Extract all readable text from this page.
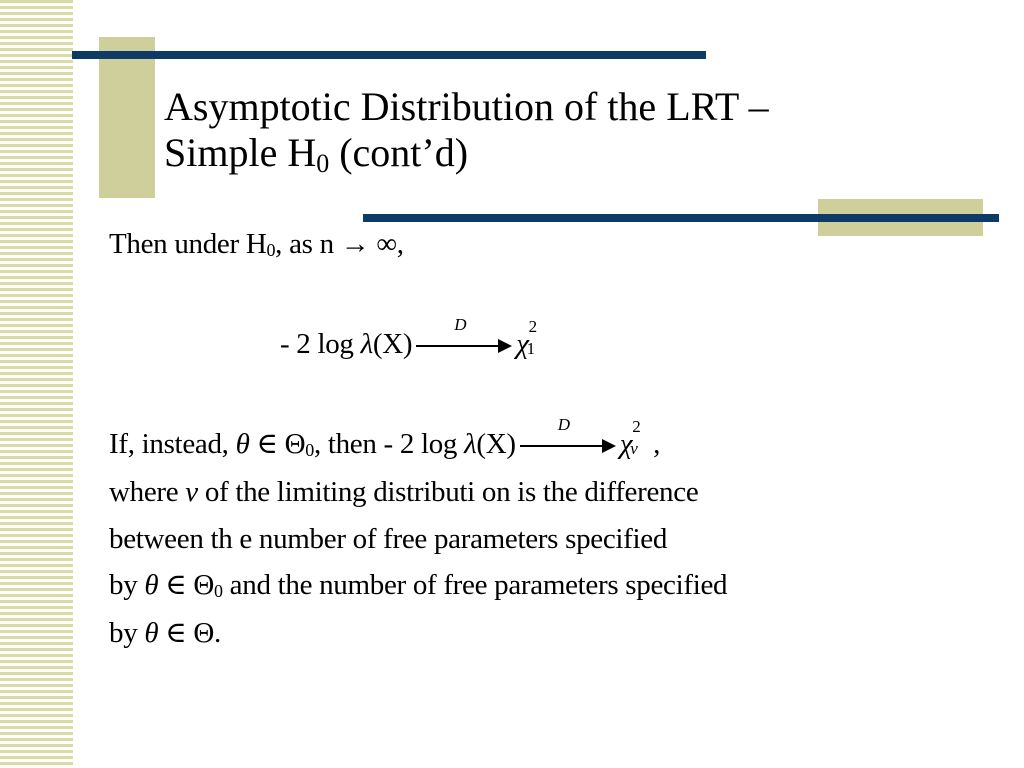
Asymptotic Distribution of the LRT –
Simple $H_0$ (cont’d)
Then under H0, as n → ∞,
- 2 log λ(X)
D
χ
2
1
If, instead, θ ∈ Θ0, then - 2 log λ(X)
D
χ
2
ν ,
where ν of the limiting distributi on is the difference
between th e number of free parameters specified
by θ ∈ Θ0 and the number of free parameters specified
by θ ∈ Θ.
